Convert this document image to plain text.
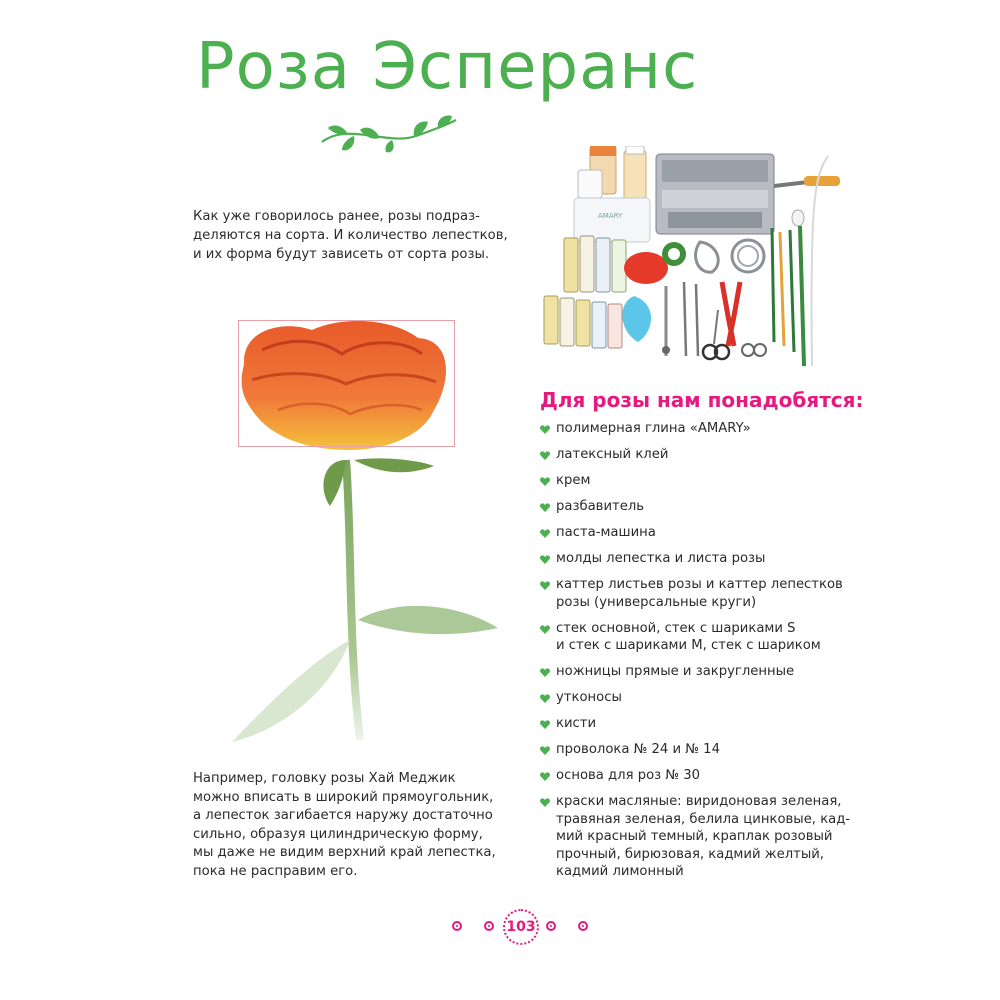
Роза Эсперанс

Как уже говорилось ранее, розы подраз-
деляются на сорта. И количество лепестков,
и их форма будут зависеть от сорта розы.

AMARY
Для розы нам понадобятся:
полимерная глина «AMARY»
латексный клей
крем
разбавитель
паста-машина
молды лепестка и листа розы
каттер листьев розы и каттер лепестков
розы (универсальные круги)
стек основной, стек с шариками S
и стек с шариками M, стек с шариком
ножницы прямые и закругленные
утконосы
кисти
проволока № 24 и № 14
основа для роз № 30
краски масляные: виридоновая зеленая,
травяная зеленая, белила цинковые, кад-
мий красный темный, краплак розовый
прочный, бирюзовая, кадмий желтый,
кадмий лимонный

Например, головку розы Хай Меджик
можно вписать в широкий прямоугольник,
а лепесток загибается наружу достаточно
сильно, образуя цилиндрическую форму,
мы даже не видим верхний край лепестка,
пока не расправим его.

103
